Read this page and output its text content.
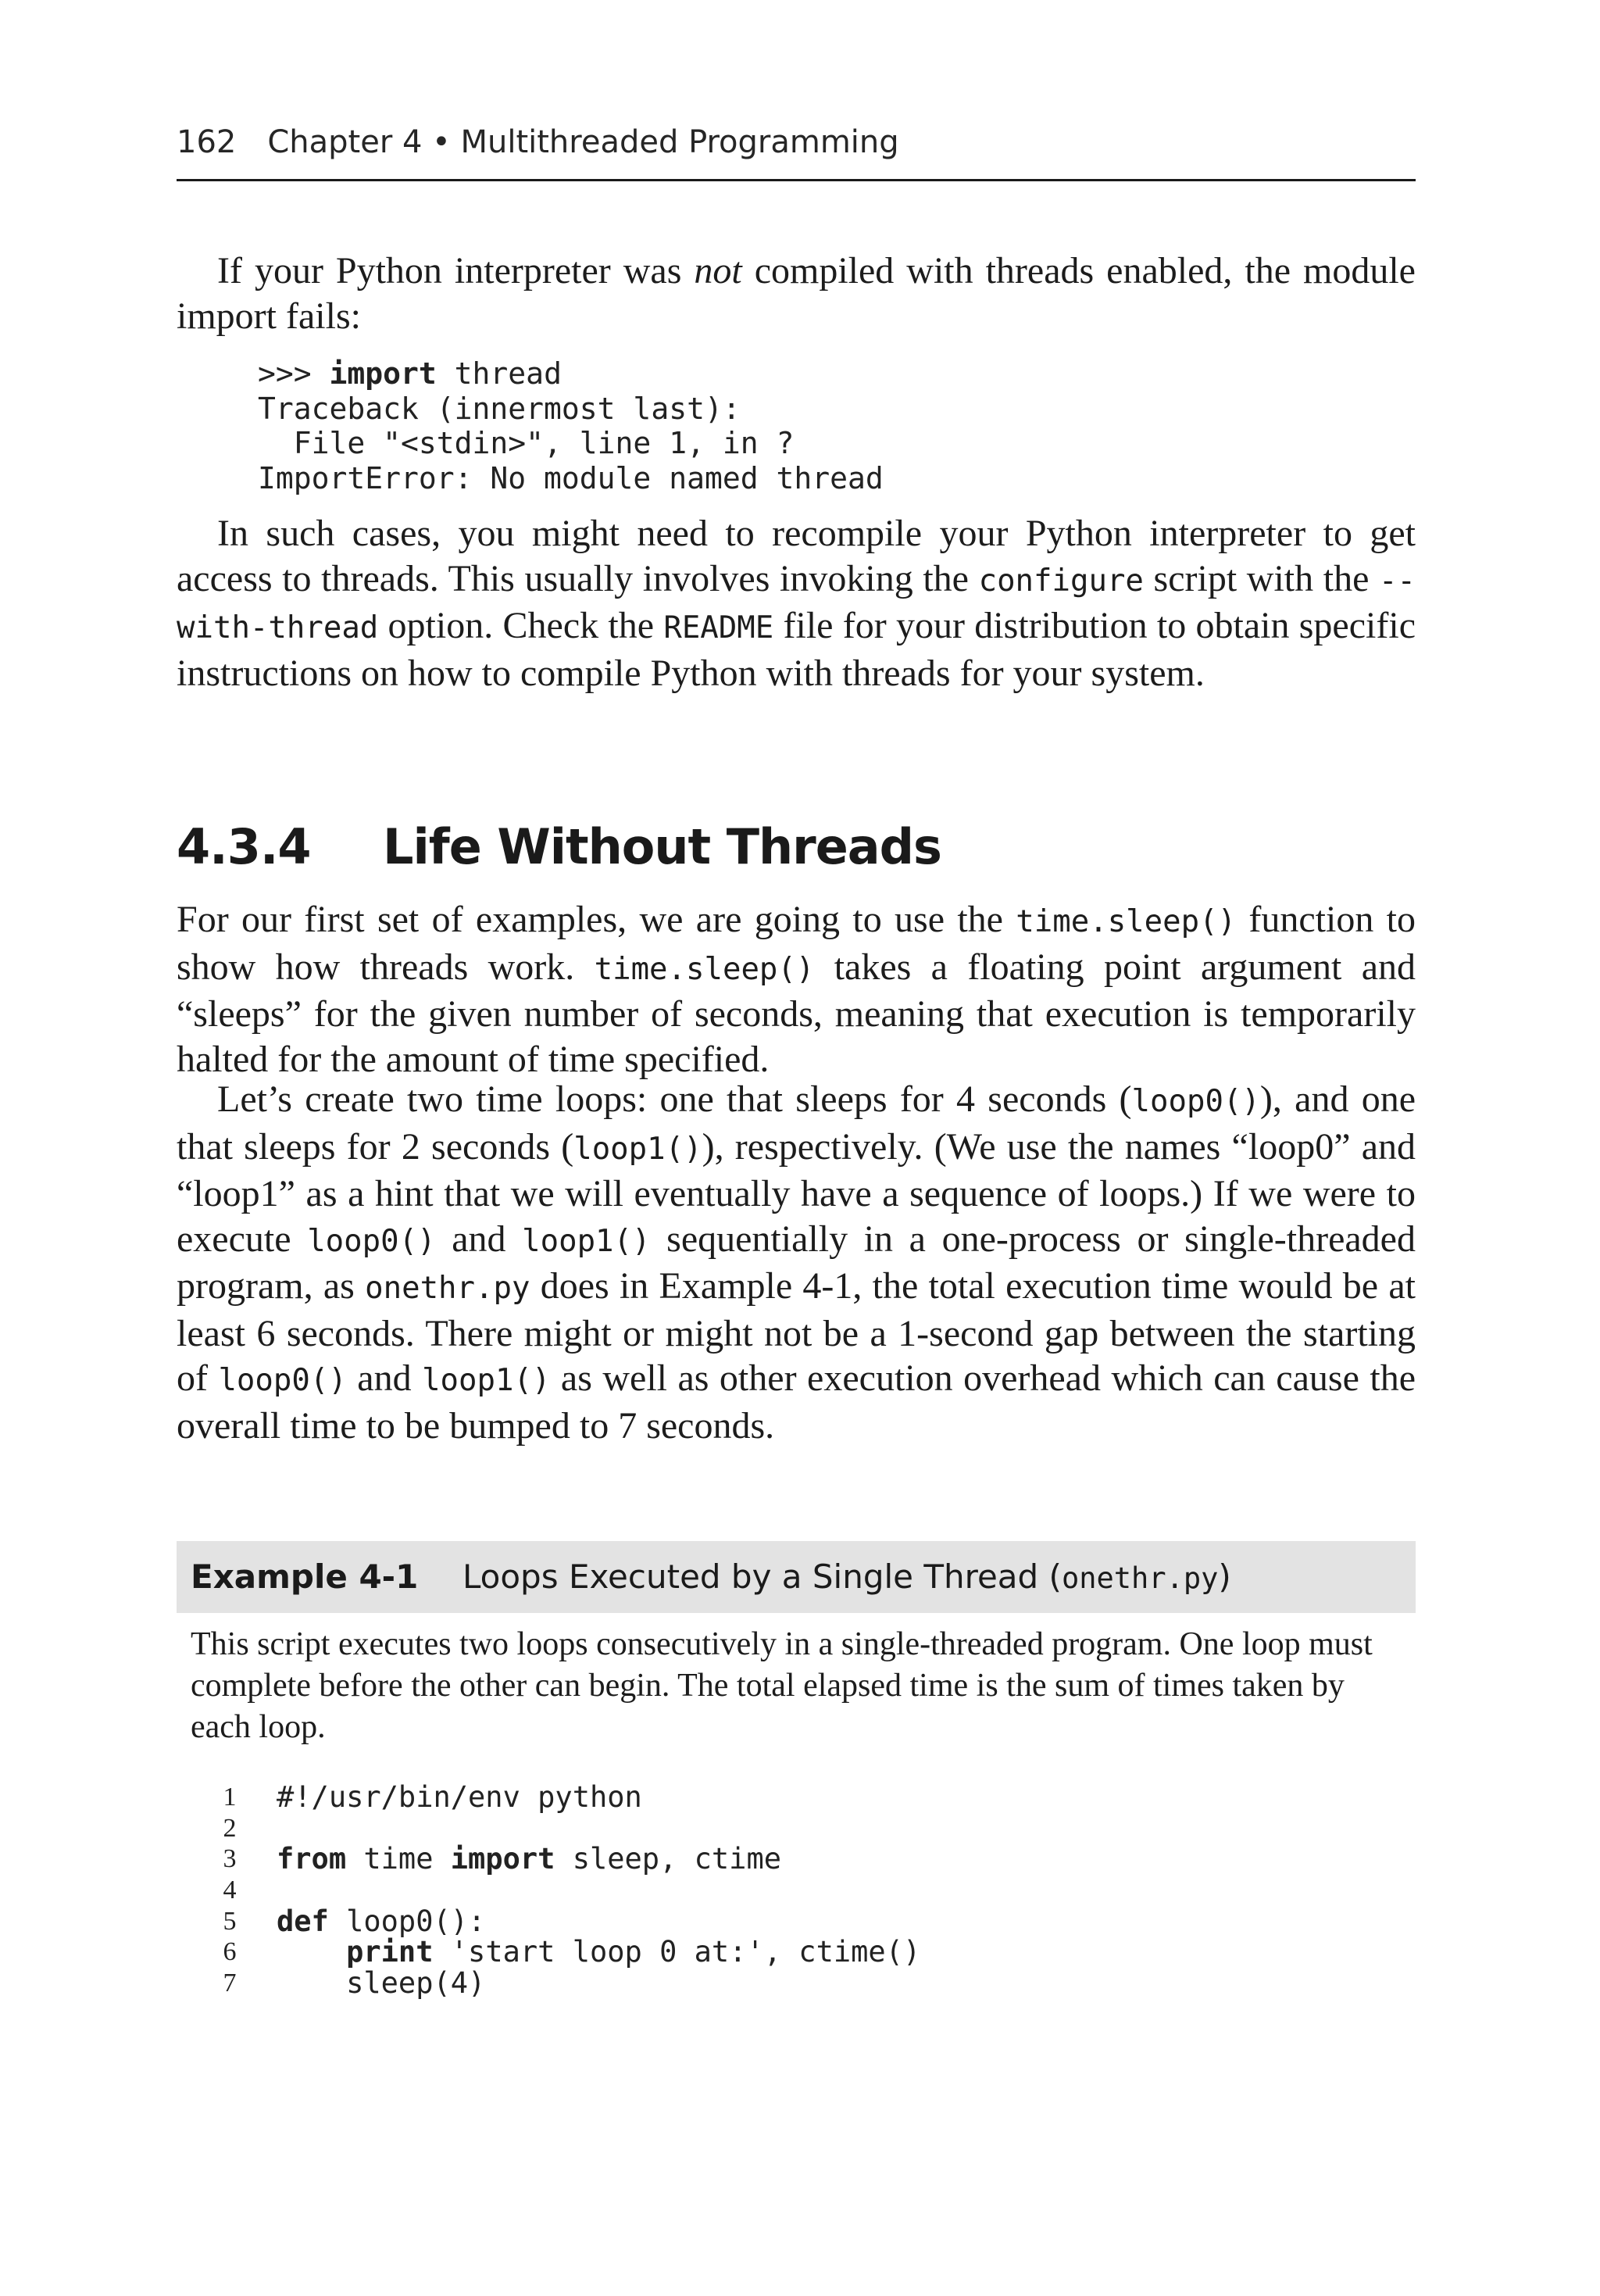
162 Chapter 4 • Multithreaded Programming

If your Python interpreter was not compiled with threads enabled, the module import fails:

>>> import thread
Traceback (innermost last):
File "<stdin>", line 1, in ?
ImportError: No module named thread

In such cases, you might need to recompile your Python interpreter to get access to threads. This usually involves invoking the configure script with the --with-thread option. Check the README file for your distribution to obtain specific instructions on how to compile Python with threads for your system.

4.3.4 Life Without Threads

For our first set of examples, we are going to use the time.sleep() function to show how threads work. time.sleep() takes a floating point argument and “sleeps” for the given number of seconds, meaning that execution is temporarily halted for the amount of time specified.

Let’s create two time loops: one that sleeps for 4 seconds (loop0()), and one that sleeps for 2 seconds (loop1()), respectively. (We use the names “loop0” and “loop1” as a hint that we will eventually have a sequence of loops.) If we were to execute loop0() and loop1() sequentially in a one-process or single-threaded program, as onethr.py does in Example 4-1, the total execution time would be at least 6 seconds. There might or might not be a 1-second gap between the starting of loop0() and loop1() as well as other execution overhead which can cause the overall time to be bumped to 7 seconds.

Example 4-1 Loops Executed by a Single Thread (onethr.py)

This script executes two loops consecutively in a single-threaded program. One loop must complete before the other can begin. The total elapsed time is the sum of times taken by each loop.

1	#!/usr/bin/env python
2
3	from time import sleep, ctime
4
5	def loop0():
6	print 'start loop 0 at:', ctime()
7	sleep(4)
